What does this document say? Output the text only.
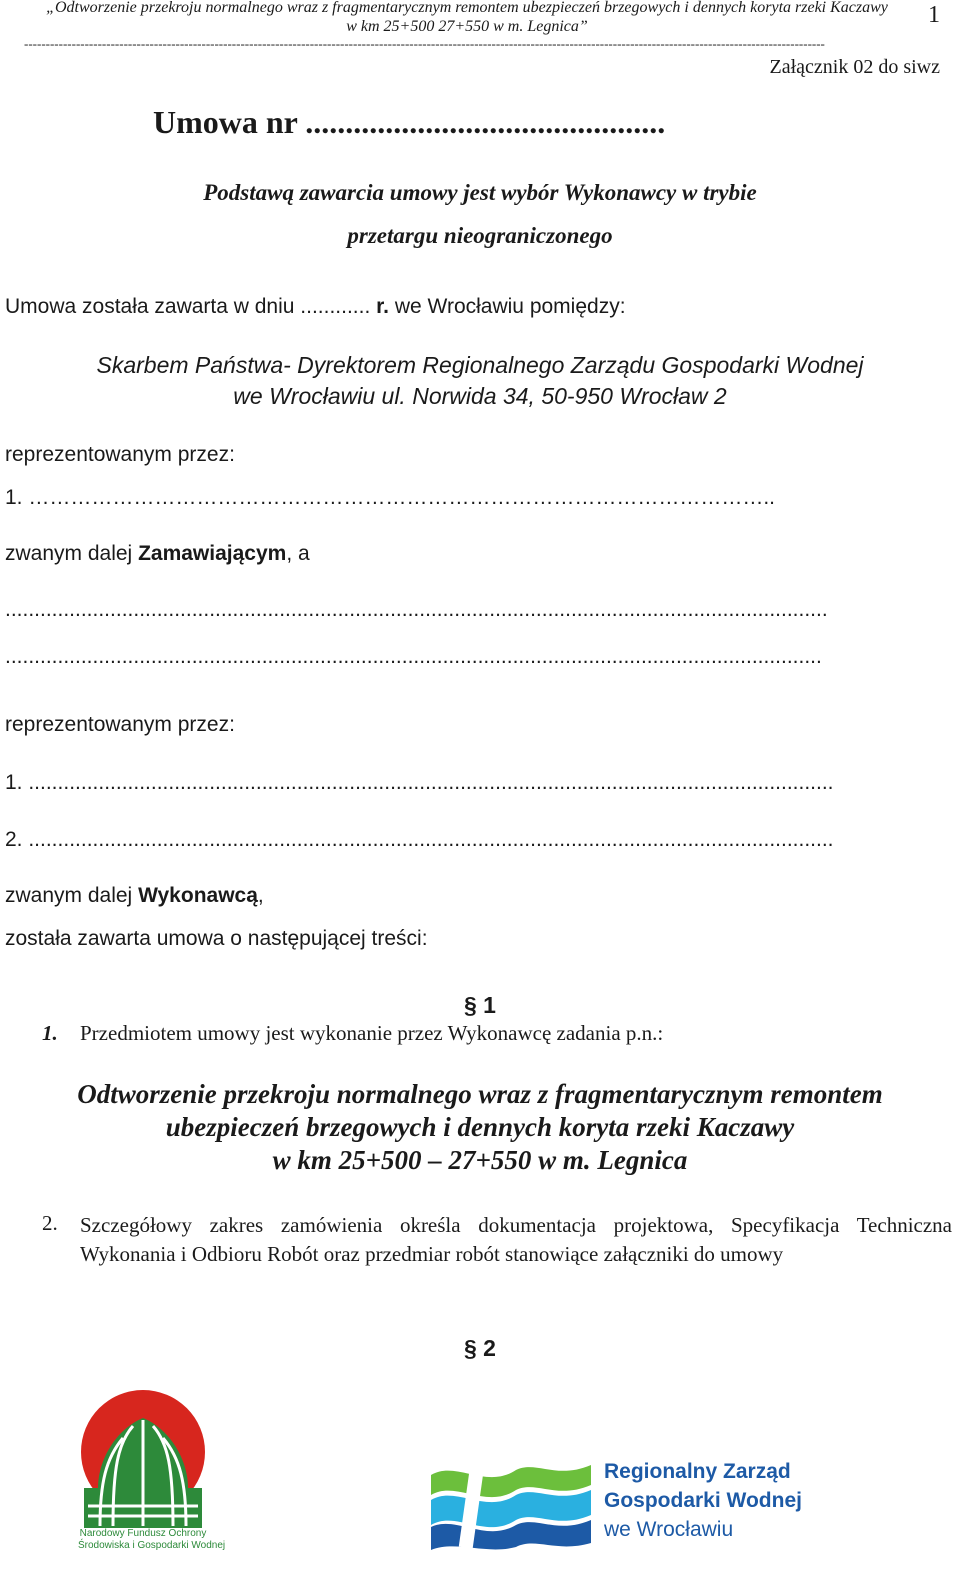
„Odtworzenie przekroju normalnego wraz z fragmentarycznym remontem ubezpieczeń brzegowych i dennych koryta rzeki Kaczawy
w km 25+500 27+550 w m. Legnica”	1
-----------------------------------------------------------------------------------------------------------------------------------------------------------------------------------------
Załącznik 02 do siwz
Umowa nr .............................................
Podstawą zawarcia umowy jest wybór Wykonawcy w trybie
przetargu nieograniczonego
Umowa została zawarta w dniu ............ r. we Wrocławiu pomiędzy:
Skarbem Państwa- Dyrektorem Regionalnego Zarządu Gospodarki Wodnej
we Wrocławiu ul. Norwida 34, 50-950 Wrocław 2
reprezentowanym przez:
1. ……………………………………………………………………………………………..
zwanym dalej Zamawiającym, a
.............................................................................................................................................
............................................................................................................................................
reprezentowanym przez:
1. ..........................................................................................................................................
2. ..........................................................................................................................................
zwanym dalej Wykonawcą,
została zawarta umowa o następującej treści:
§ 1
1. Przedmiotem umowy jest wykonanie przez Wykonawcę zadania p.n.:
Odtworzenie przekroju normalnego wraz z fragmentarycznym remontem
ubezpieczeń brzegowych i dennych koryta rzeki Kaczawy
w km 25+500 – 27+550 w m. Legnica
2. Szczegółowy zakres zamówienia określa dokumentacja projektowa, Specyfikacja Techniczna Wykonania i Odbioru Robót oraz przedmiar robót stanowiące załączniki do umowy
§ 2
Narodowy Fundusz Ochrony
Środowiska i Gospodarki Wodnej
Regionalny Zarząd
Gospodarki Wodnej
we Wrocławiu
